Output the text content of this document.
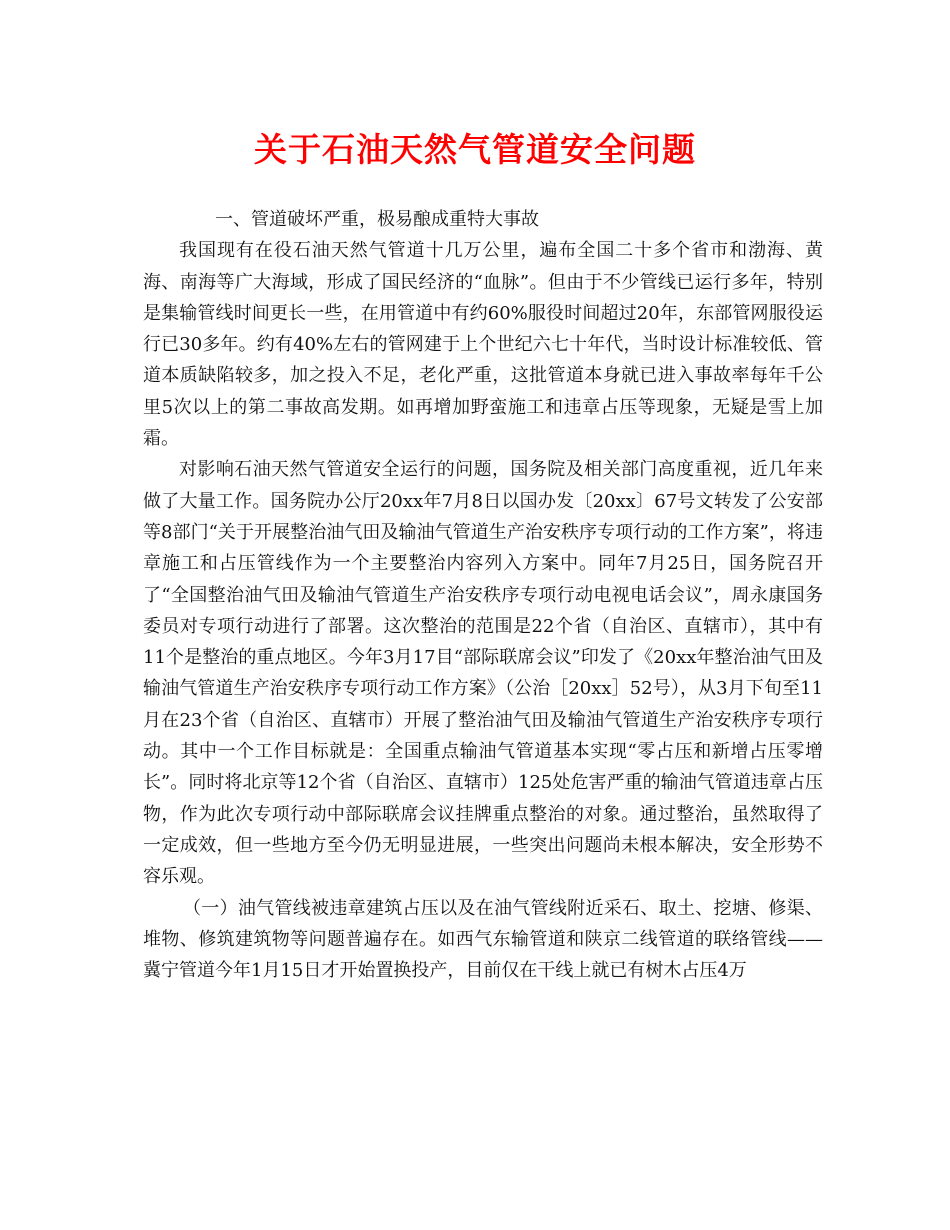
关于石油天然气管道安全问题

一、管道破坏严重，极易酿成重特大事故

我国现有在役石油天然气管道十几万公里，遍布全国二十多个省市和渤海、黄海、南海等广大海域，形成了国民经济的“血脉”。但由于不少管线已运行多年，特别是集输管线时间更长一些，在用管道中有约60%服役时间超过20年，东部管网服役运行已30多年。约有40%左右的管网建于上个世纪六七十年代，当时设计标准较低、管道本质缺陷较多，加之投入不足，老化严重，这批管道本身就已进入事故率每年千公里5次以上的第二事故高发期。如再增加野蛮施工和违章占压等现象，无疑是雪上加霜。

对影响石油天然气管道安全运行的问题，国务院及相关部门高度重视，近几年来做了大量工作。国务院办公厅20xx年7月8日以国办发〔20xx〕67号文转发了公安部等8部门“关于开展整治油气田及输油气管道生产治安秩序专项行动的工作方案”，将违章施工和占压管线作为一个主要整治内容列入方案中。同年7月25日，国务院召开了“全国整治油气田及输油气管道生产治安秩序专项行动电视电话会议”，周永康国务委员对专项行动进行了部署。这次整治的范围是22个省（自治区、直辖市），其中有11个是整治的重点地区。今年3月17目“部际联席会议”印发了《20xx年整治油气田及输油气管道生产治安秩序专项行动工作方案》（公治［20xx］52号），从3月下旬至11月在23个省（自治区、直辖市）开展了整治油气田及输油气管道生产治安秩序专项行动。其中一个工作目标就是：全国重点输油气管道基本实现“零占压和新增占压零增长”。同时将北京等12个省（自治区、直辖市）125处危害严重的输油气管道违章占压物，作为此次专项行动中部际联席会议挂牌重点整治的对象。通过整治，虽然取得了一定成效，但一些地方至今仍无明显进展，一些突出问题尚未根本解决，安全形势不容乐观。

（一）油气管线被违章建筑占压以及在油气管线附近采石、取土、挖塘、修渠、堆物、修筑建筑物等问题普遍存在。如西气东输管道和陕京二线管道的联络管线——冀宁管道今年1月15日才开始置换投产，目前仅在干线上就已有树木占压4万
